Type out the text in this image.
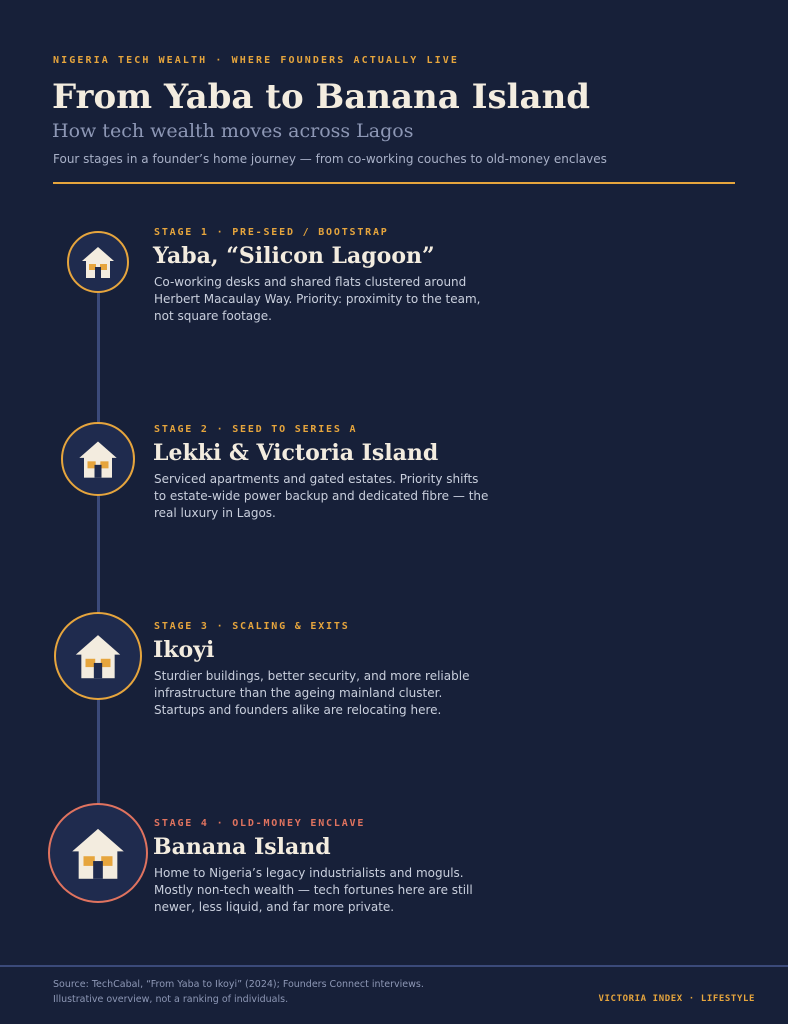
NIGERIA TECH WEALTH · WHERE FOUNDERS ACTUALLY LIVE
From Yaba to Banana Island
How tech wealth moves across Lagos
Four stages in a founder’s home journey — from co-working couches to old-money enclaves
STAGE 1 · PRE-SEED / BOOTSTRAP
Yaba, “Silicon Lagoon”
Co-working desks and shared flats clustered around Herbert Macaulay Way. Priority: proximity to the team, not square footage.
STAGE 2 · SEED TO SERIES A
Lekki & Victoria Island
Serviced apartments and gated estates. Priority shifts to estate-wide power backup and dedicated fibre — the real luxury in Lagos.
STAGE 3 · SCALING & EXITS
Ikoyi
Sturdier buildings, better security, and more reliable infrastructure than the ageing mainland cluster. Startups and founders alike are relocating here.
STAGE 4 · OLD-MONEY ENCLAVE
Banana Island
Home to Nigeria’s legacy industrialists and moguls. Mostly non-tech wealth — tech fortunes here are still newer, less liquid, and far more private.
Source: TechCabal, “From Yaba to Ikoyi” (2024); Founders Connect interviews.
Illustrative overview, not a ranking of individuals.	VICTORIA INDEX · LIFESTYLE
